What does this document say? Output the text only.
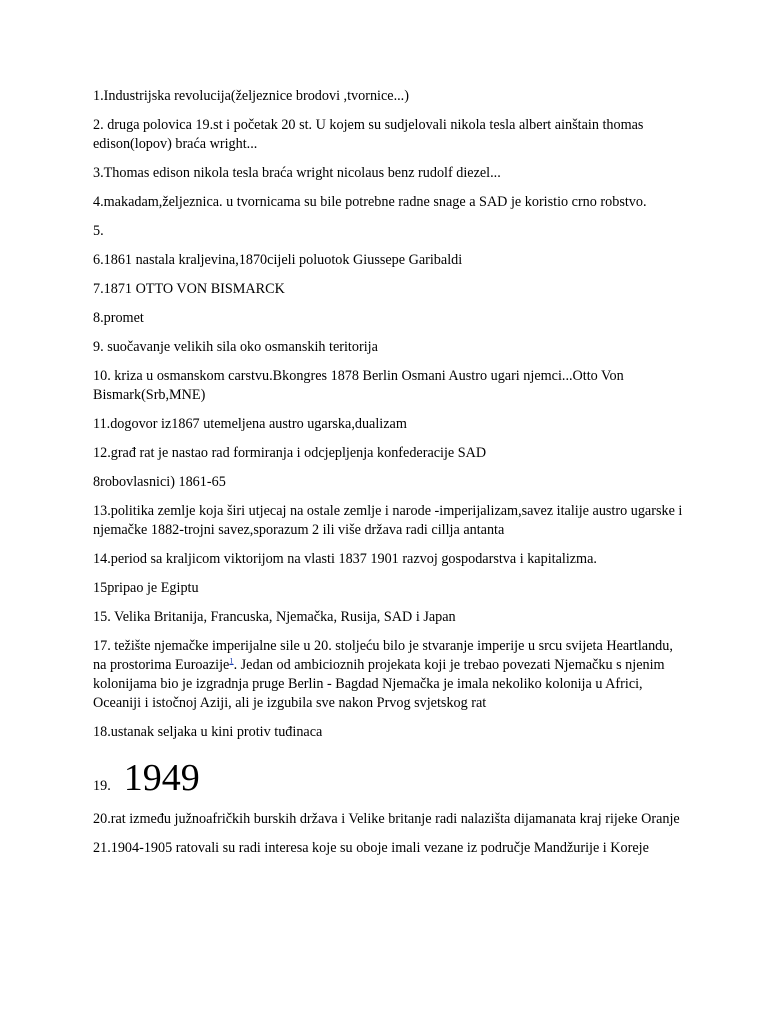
1.Industrijska revolucija(željeznice brodovi ,tvornice...)

2. druga polovica 19.st i početak 20 st. U kojem su sudjelovali nikola tesla albert ainštain thomas edison(lopov) braća wright...

3.Thomas edison nikola tesla braća wright nicolaus benz rudolf diezel...

4.makadam,željeznica. u tvornicama su bile potrebne radne snage a SAD je koristio crno robstvo.

5.

6.1861 nastala kraljevina,1870cijeli poluotok Giussepe Garibaldi

7.1871 OTTO VON BISMARCK

8.promet

9. suočavanje velikih sila oko osmanskih teritorija

10. kriza u osmanskom carstvu.Bkongres 1878 Berlin Osmani Austro ugari njemci...Otto Von Bismark(Srb,MNE)

11.dogovor iz1867 utemeljena austro ugarska,dualizam

12.građ rat je nastao rad formiranja i odcjepljenja konfederacije SAD

8robovlasnici) 1861-65

13.politika zemlje koja širi utjecaj na ostale zemlje i narode -imperijalizam,savez italije austro ugarske i njemačke 1882-trojni savez,sporazum 2 ili više država radi cillja antanta

14.period sa kraljicom viktorijom na vlasti 1837 1901 razvoj gospodarstva i kapitalizma.

15pripao je Egiptu

15. Velika Britanija, Francuska, Njemačka, Rusija, SAD i Japan

17. težište njemačke imperijalne sile u 20. stoljeću bilo je stvaranje imperije u srcu svijeta Heartlandu, na prostorima Euroazije$^1$. Jedan od ambicioznih projekata koji je trebao povezati Njemačku s njenim kolonijama bio je izgradnja pruge Berlin - Bagdad Njemačka je imala nekoliko kolonija u Africi, Oceaniji i istočnoj Aziji, ali je izgubila sve nakon Prvog svjetskog rat

18.ustanak seljaka u kini protiv tuđinaca

19. 1949

20.rat između južnoafričkih burskih država i Velike britanje radi nalazišta dijamanata kraj rijeke Oranje

21.1904-1905 ratovali su radi interesa koje su oboje imali vezane iz područje Mandžurije i Koreje
